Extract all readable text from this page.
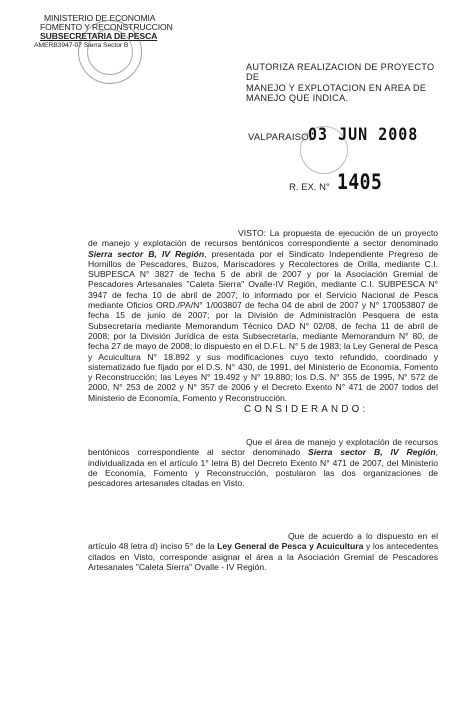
MINISTERIO DE ECONOMIA
FOMENTO Y RECONSTRUCCION
SUBSECRETARIA DE PESCA
AMERB3947-07 Sierra Sector B
AUTORIZA REALIZACION DE PROYECTO DE
MANEJO Y EXPLOTACION EN AREA DE
MANEJO QUE INDICA.
VALPARAISO,
03 JUN 2008
R. EX. N° 1405
VISTO: La propuesta de ejecución de un proyecto de manejo y explotación de recursos bentónicos correspondiente a sector denominado Sierra sector B, IV Región, presentada por el Sindicato Independiente Pregreso de Hornillos de Pescadores, Buzos, Mariscadores y Recolectores de Orilla, mediante C.I. SUBPESCA N° 3827 de fecha 5 de abril de 2007 y por la Asociación Gremial de Pescadores Artesanales "Caleta Sierra" Ovalle-IV Región, mediante C.I. SUBPESCA N° 3947 de fecha 10 de abril de 2007; lo informado por el Servicio Nacional de Pesca mediante Oficios ORD./PA/N° 1/003807 de fecha 04 de abril de 2007 y N° 170053807 de fecha 15 de junio de 2007; por la División de Administración Pesquera de esta Subsecretaría mediante Memorandum Técnico DAD N° 02/08, de fecha 11 de abril de 2008; por la División Jurídica de esta Subsecretaría, mediante Memorandum N° 80, de fecha 27 de mayo de 2008; lo dispuesto en el D.F.L. N° 5 de 1983; la Ley General de Pesca y Acuicultura N° 18.892 y sus modificaciones cuyo texto refundido, coordinado y sistematizado fue fijado por el D.S. N° 430, de 1991, del Ministerio de Economía, Fomento y Reconstrucción; las Leyes N° 19.492 y N° 19.880; los D.S. N° 355 de 1995, N° 572 de 2000, N° 253 de 2002 y N° 357 de 2006 y el Decreto Exento N° 471 de 2007 todos del Ministerio de Economía, Fomento y Reconstrucción.
CONSIDERANDO:
Que el área de manejo y explotación de recursos bentónicos correspondiente al sector denominado Sierra sector B, IV Región, individualizada en el artículo 1° letra B) del Decreto Exento N° 471 de 2007, del Ministerio de Economía, Fomento y Reconstrucción, postularon las dos organizaciones de pescadores artesanales citadas en Visto.
Que de acuerdo a lo dispuesto en el artículo 48 letra d) inciso 5° de la Ley General de Pesca y Acuicultura y los antecedentes citados en Visto, corresponde asignar el área a la Asociación Gremial de Pescadores Artesanales "Caleta Sierra" Ovalle - IV Región.
